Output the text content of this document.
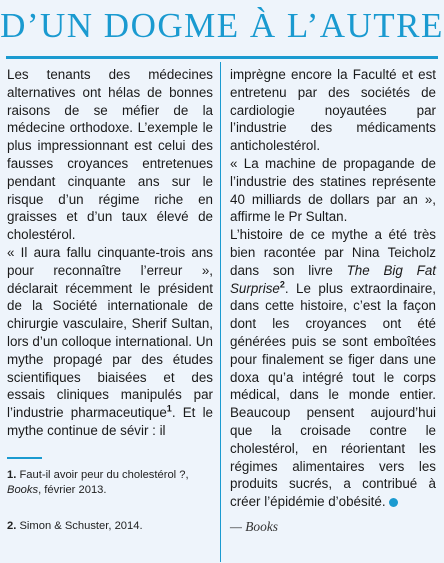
D’UN DOGME À L’AUTRE

Les tenants des médecines alternatives ont hélas de bonnes raisons de se méfier de la médecine orthodoxe. L’exemple le plus impressionnant est celui des fausses croyances entretenues pendant cinquante ans sur le risque d’un régime riche en graisses et d’un taux élevé de cholestérol.

« Il aura fallu cinquante-trois ans pour reconnaître l’erreur », déclarait récemment le président de la Société internationale de chirurgie vasculaire, Sherif Sultan, lors d’un colloque international. Un mythe propagé par des études scientifiques biaisées et des essais cliniques manipulés par l’industrie pharmaceutique$^1$. Et le mythe continue de sévir : il

imprègne encore la Faculté et est entretenu par des sociétés de cardiologie noyautées par l’industrie des médicaments anticholestérol.

« La machine de propagande de l’industrie des statines représente 40 milliards de dollars par an », affirme le Pr Sultan.

L’histoire de ce mythe a été très bien racontée par Nina Teicholz dans son livre The Big Fat Surprise$^2$. Le plus extraordinaire, dans cette histoire, c’est la façon dont les croyances ont été générées puis se sont emboîtées pour finalement se figer dans une doxa qu’a intégré tout le corps médical, dans le monde entier. Beaucoup pensent aujourd’hui que la croisade contre le cholestérol, en réorientant les régimes alimentaires vers les produits sucrés, a contribué à créer l’épidémie d’obésité.

1. Faut-il avoir peur du cholestérol ?, Books, février 2013.
2. Simon & Schuster, 2014.	— Books
